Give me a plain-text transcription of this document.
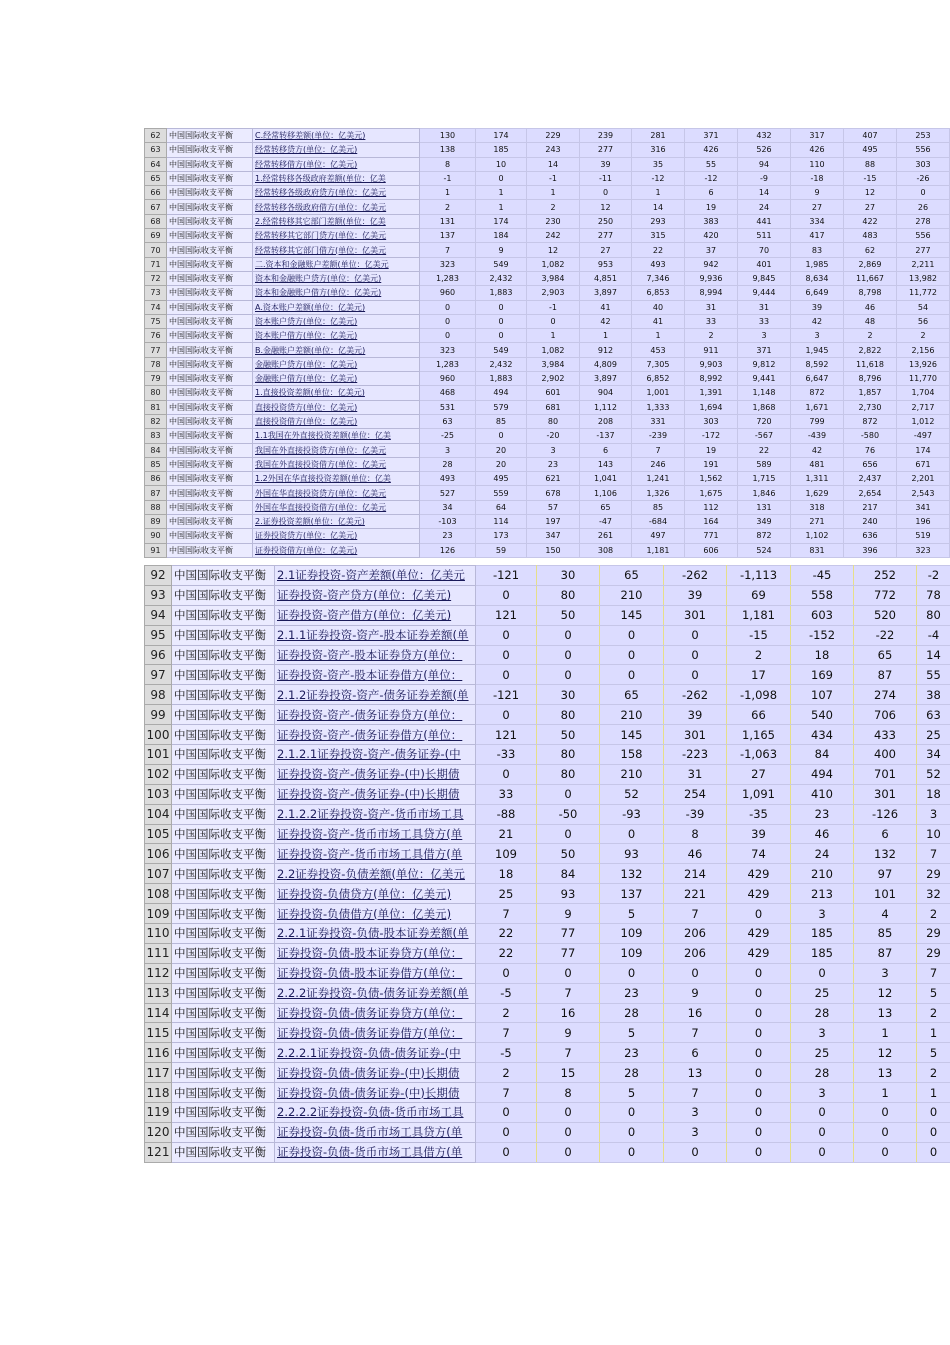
62	中国国际收支平衡	C.经常转移差额(单位：亿美元)	130	174	229	239	281	371	432	317	407	253
63	中国国际收支平衡	经常转移贷方(单位：亿美元)	138	185	243	277	316	426	526	426	495	556
64	中国国际收支平衡	经常转移借方(单位：亿美元)	8	10	14	39	35	55	94	110	88	303
65	中国国际收支平衡	1.经常转移各级政府差额(单位：亿美	-1	0	-1	-11	-12	-12	-9	-18	-15	-26
66	中国国际收支平衡	经常转移各级政府贷方(单位：亿美元	1	1	1	0	1	6	14	9	12	0
67	中国国际收支平衡	经常转移各级政府借方(单位：亿美元	2	1	2	12	14	19	24	27	27	26
68	中国国际收支平衡	2.经常转移其它部门差额(单位：亿美	131	174	230	250	293	383	441	334	422	278
69	中国国际收支平衡	经常转移其它部门贷方(单位：亿美元	137	184	242	277	315	420	511	417	483	556
70	中国国际收支平衡	经常转移其它部门借方(单位：亿美元	7	9	12	27	22	37	70	83	62	277
71	中国国际收支平衡	二.资本和金融账户差额(单位：亿美元	323	549	1,082	953	493	942	401	1,985	2,869	2,211
72	中国国际收支平衡	资本和金融账户贷方(单位：亿美元)	1,283	2,432	3,984	4,851	7,346	9,936	9,845	8,634	11,667	13,982
73	中国国际收支平衡	资本和金融账户借方(单位：亿美元)	960	1,883	2,903	3,897	6,853	8,994	9,444	6,649	8,798	11,772
74	中国国际收支平衡	A.资本账户差额(单位：亿美元)	0	0	-1	41	40	31	31	39	46	54
75	中国国际收支平衡	资本账户贷方(单位：亿美元)	0	0	0	42	41	33	33	42	48	56
76	中国国际收支平衡	资本账户借方(单位：亿美元)	0	0	1	1	1	2	3	3	2	2
77	中国国际收支平衡	B.金融账户差额(单位：亿美元)	323	549	1,082	912	453	911	371	1,945	2,822	2,156
78	中国国际收支平衡	金融账户贷方(单位：亿美元)	1,283	2,432	3,984	4,809	7,305	9,903	9,812	8,592	11,618	13,926
79	中国国际收支平衡	金融账户借方(单位：亿美元)	960	1,883	2,902	3,897	6,852	8,992	9,441	6,647	8,796	11,770
80	中国国际收支平衡	1.直接投资差额(单位：亿美元)	468	494	601	904	1,001	1,391	1,148	872	1,857	1,704
81	中国国际收支平衡	直接投资贷方(单位：亿美元)	531	579	681	1,112	1,333	1,694	1,868	1,671	2,730	2,717
82	中国国际收支平衡	直接投资借方(单位：亿美元)	63	85	80	208	331	303	720	799	872	1,012
83	中国国际收支平衡	1.1我国在外直接投资差额(单位：亿美	-25	0	-20	-137	-239	-172	-567	-439	-580	-497
84	中国国际收支平衡	我国在外直接投资贷方(单位：亿美元	3	20	3	6	7	19	22	42	76	174
85	中国国际收支平衡	我国在外直接投资借方(单位：亿美元	28	20	23	143	246	191	589	481	656	671
86	中国国际收支平衡	1.2外国在华直接投资差额(单位：亿美	493	495	621	1,041	1,241	1,562	1,715	1,311	2,437	2,201
87	中国国际收支平衡	外国在华直接投资贷方(单位：亿美元	527	559	678	1,106	1,326	1,675	1,846	1,629	2,654	2,543
88	中国国际收支平衡	外国在华直接投资借方(单位：亿美元	34	64	57	65	85	112	131	318	217	341
89	中国国际收支平衡	2.证券投资差额(单位：亿美元)	-103	114	197	-47	-684	164	349	271	240	196
90	中国国际收支平衡	证券投资贷方(单位：亿美元)	23	173	347	261	497	771	872	1,102	636	519
91	中国国际收支平衡	证券投资借方(单位：亿美元)	126	59	150	308	1,181	606	524	831	396	323
92	中国国际收支平衡	2.1证券投资-资产差额(单位：亿美元	-121	30	65	-262	-1,113	-45	252	-2
93	中国国际收支平衡	证券投资-资产贷方(单位：亿美元)	0	80	210	39	69	558	772	78
94	中国国际收支平衡	证券投资-资产借方(单位：亿美元)	121	50	145	301	1,181	603	520	80
95	中国国际收支平衡	2.1.1证券投资-资产-股本证券差额(单	0	0	0	0	-15	-152	-22	-4
96	中国国际收支平衡	证券投资-资产-股本证券贷方(单位：	0	0	0	0	2	18	65	14
97	中国国际收支平衡	证券投资-资产-股本证券借方(单位：	0	0	0	0	17	169	87	55
98	中国国际收支平衡	2.1.2证券投资-资产-债务证券差额(单	-121	30	65	-262	-1,098	107	274	38
99	中国国际收支平衡	证券投资-资产-债务证券贷方(单位：	0	80	210	39	66	540	706	63
100	中国国际收支平衡	证券投资-资产-债务证券借方(单位：	121	50	145	301	1,165	434	433	25
101	中国国际收支平衡	2.1.2.1证券投资-资产-债务证券-(中	-33	80	158	-223	-1,063	84	400	34
102	中国国际收支平衡	证券投资-资产-债务证券-(中)长期债	0	80	210	31	27	494	701	52
103	中国国际收支平衡	证券投资-资产-债务证券-(中)长期债	33	0	52	254	1,091	410	301	18
104	中国国际收支平衡	2.1.2.2证券投资-资产-货币市场工具	-88	-50	-93	-39	-35	23	-126	3
105	中国国际收支平衡	证券投资-资产-货币市场工具贷方(单	21	0	0	8	39	46	6	10
106	中国国际收支平衡	证券投资-资产-货币市场工具借方(单	109	50	93	46	74	24	132	7
107	中国国际收支平衡	2.2证券投资-负债差额(单位：亿美元	18	84	132	214	429	210	97	29
108	中国国际收支平衡	证券投资-负债贷方(单位：亿美元)	25	93	137	221	429	213	101	32
109	中国国际收支平衡	证券投资-负债借方(单位：亿美元)	7	9	5	7	0	3	4	2
110	中国国际收支平衡	2.2.1证券投资-负债-股本证券差额(单	22	77	109	206	429	185	85	29
111	中国国际收支平衡	证券投资-负债-股本证券贷方(单位：	22	77	109	206	429	185	87	29
112	中国国际收支平衡	证券投资-负债-股本证券借方(单位：	0	0	0	0	0	0	3	7
113	中国国际收支平衡	2.2.2证券投资-负债-债务证券差额(单	-5	7	23	9	0	25	12	5
114	中国国际收支平衡	证券投资-负债-债务证券贷方(单位：	2	16	28	16	0	28	13	2
115	中国国际收支平衡	证券投资-负债-债务证券借方(单位：	7	9	5	7	0	3	1	1
116	中国国际收支平衡	2.2.2.1证券投资-负债-债务证券-(中	-5	7	23	6	0	25	12	5
117	中国国际收支平衡	证券投资-负债-债务证券-(中)长期债	2	15	28	13	0	28	13	2
118	中国国际收支平衡	证券投资-负债-债务证券-(中)长期债	7	8	5	7	0	3	1	1
119	中国国际收支平衡	2.2.2.2证券投资-负债-货币市场工具	0	0	0	3	0	0	0	0
120	中国国际收支平衡	证券投资-负债-货币市场工具贷方(单	0	0	0	3	0	0	0	0
121	中国国际收支平衡	证券投资-负债-货币市场工具借方(单	0	0	0	0	0	0	0	0
